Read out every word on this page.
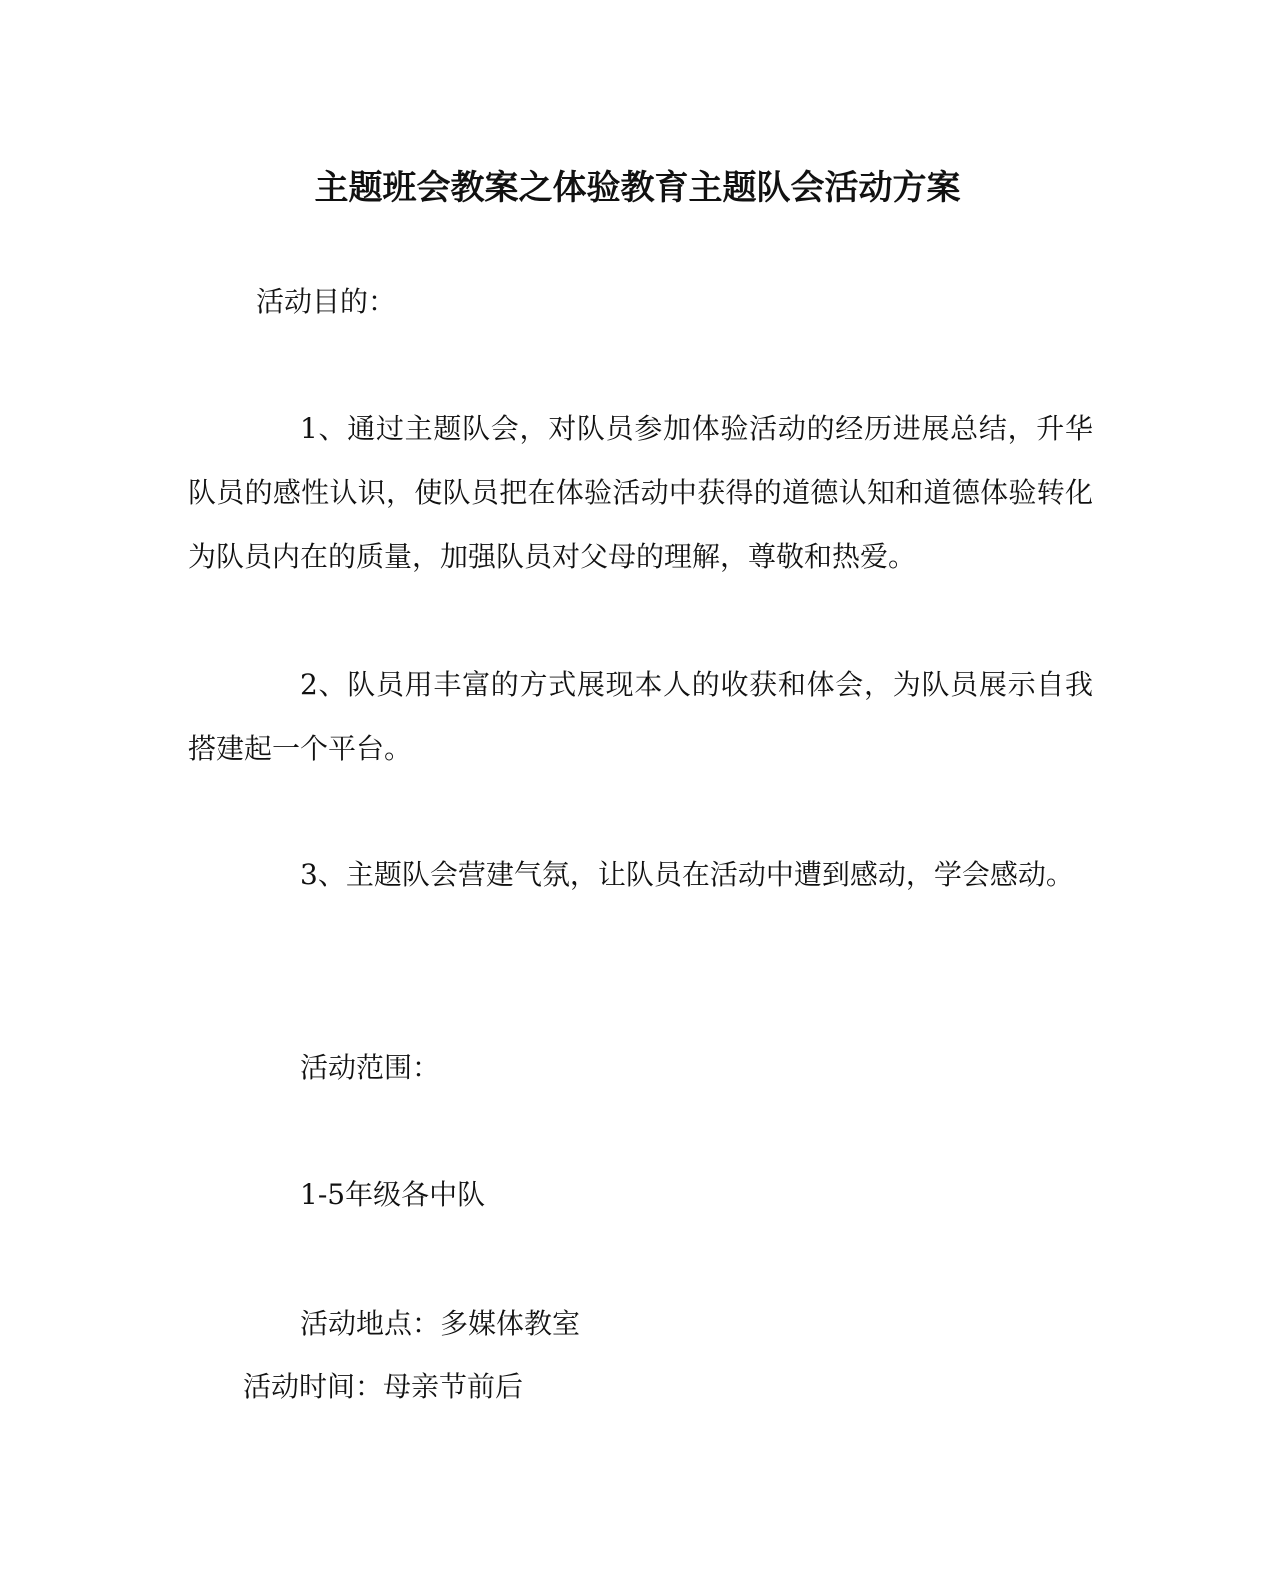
主题班会教案之体验教育主题队会活动方案
活动目的：
1、通过主题队会，对队员参加体验活动的经历进展总结，升华队员的感性认识，使队员把在体验活动中获得的道德认知和道德体验转化为队员内在的质量，加强队员对父母的理解，尊敬和热爱。
2、队员用丰富的方式展现本人的收获和体会，为队员展示自我搭建起一个平台。
3、主题队会营建气氛，让队员在活动中遭到感动，学会感动。
活动范围：
1-5年级各中队
活动地点：多媒体教室
活动时间：母亲节前后
